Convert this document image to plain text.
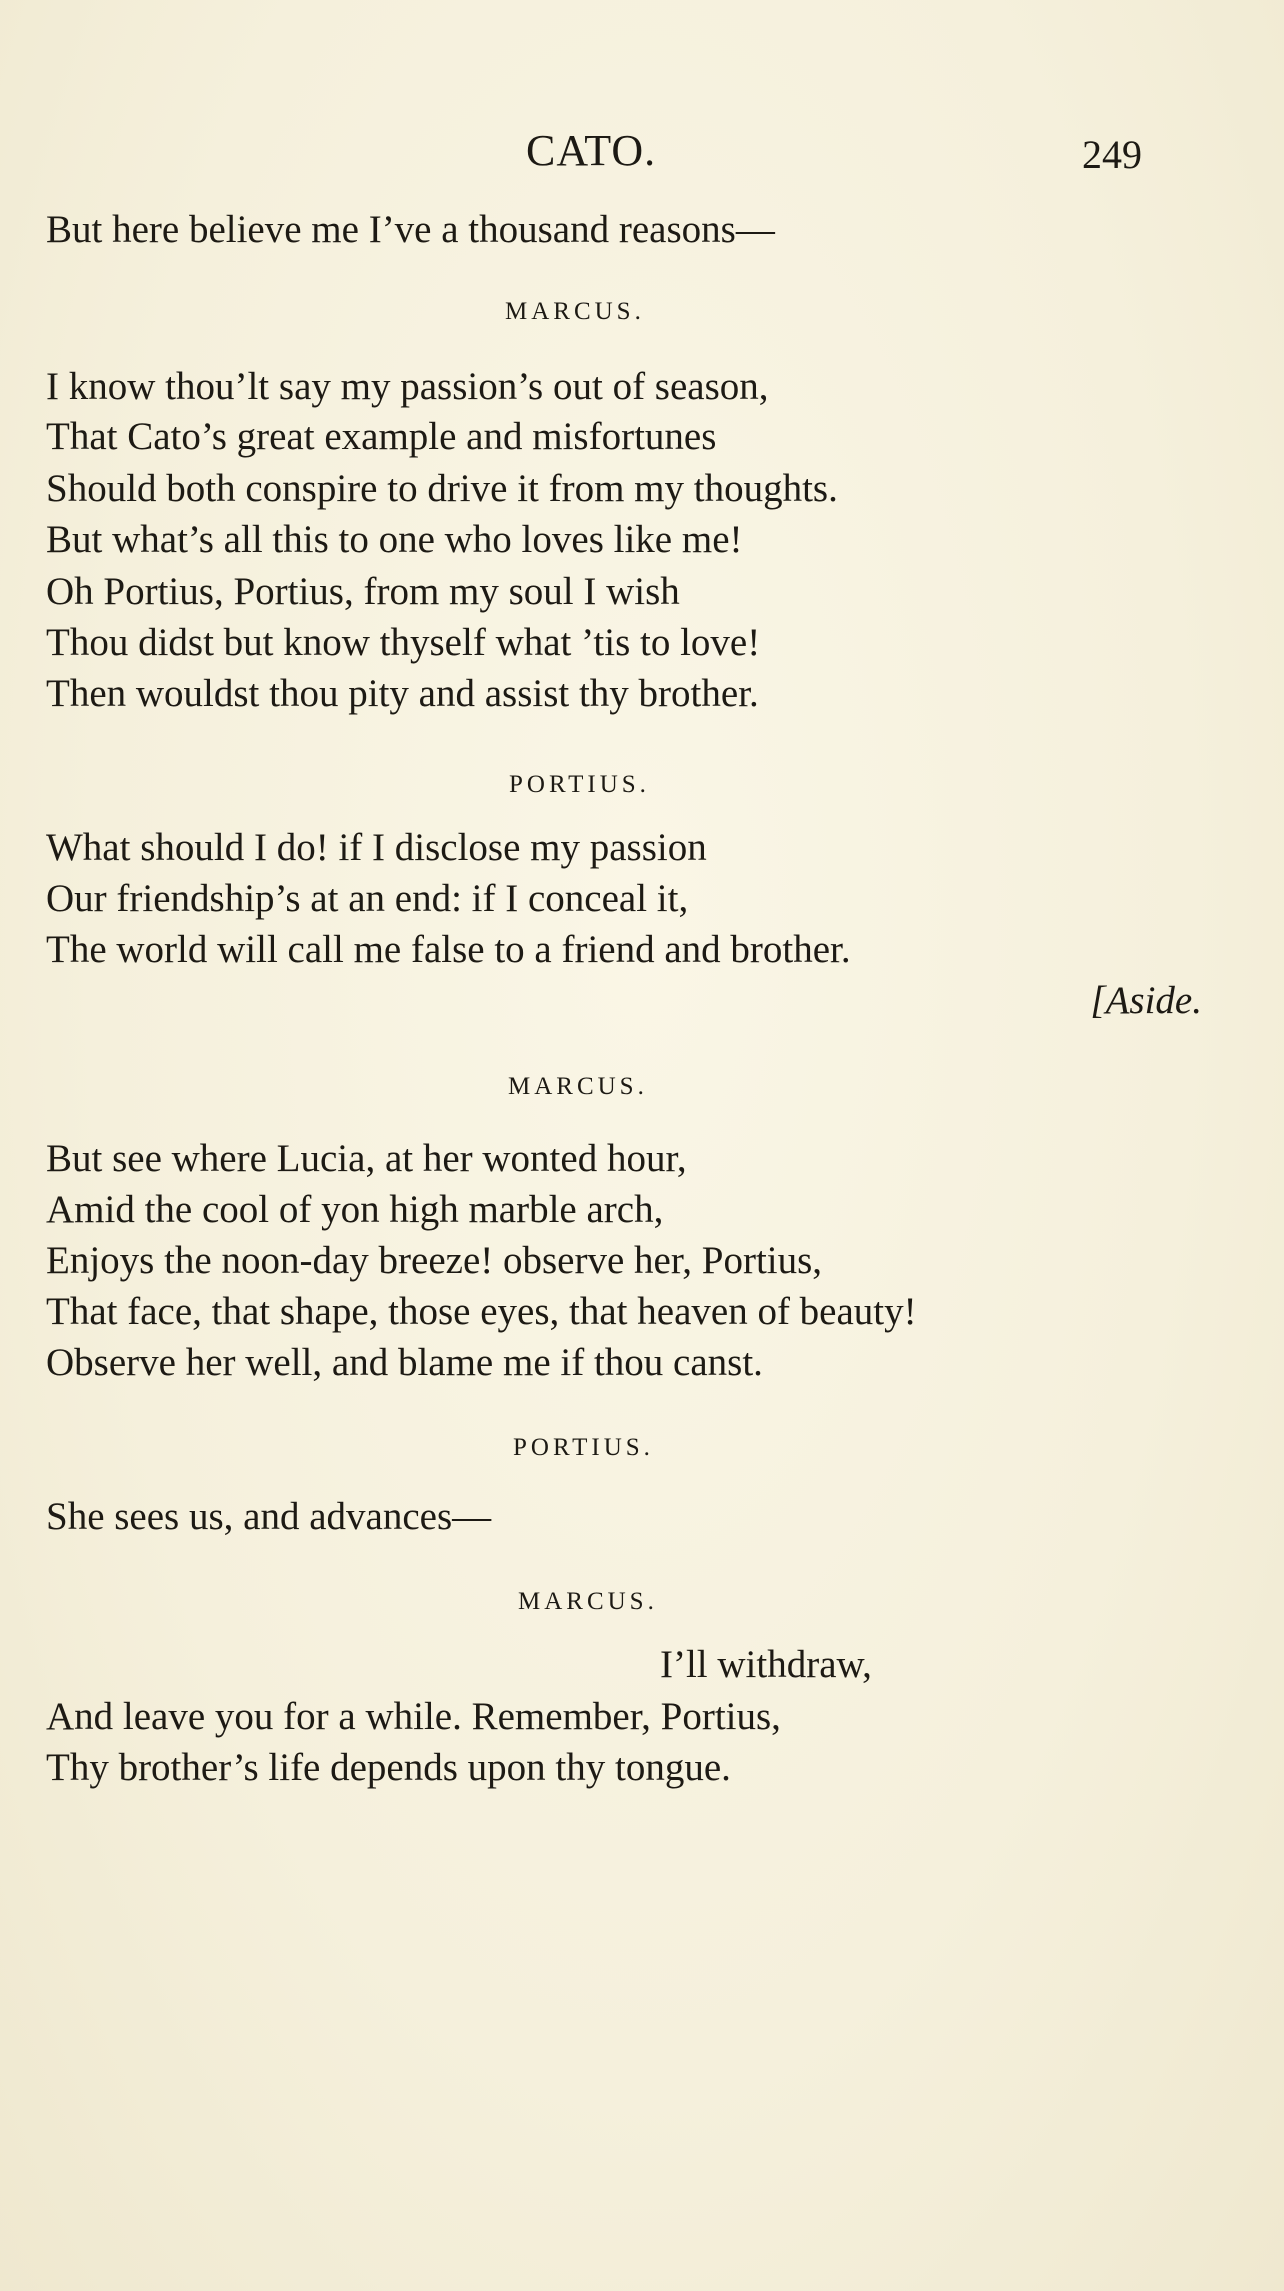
CATO.	249
But here believe me I’ve a thousand reasons—
MARCUS.
I know thou’lt say my passion’s out of season,
That Cato’s great example and misfortunes
Should both conspire to drive it from my thoughts.
But what’s all this to one who loves like me!
Oh Portius, Portius, from my soul I wish
Thou didst but know thyself what ’tis to love!
Then wouldst thou pity and assist thy brother.
PORTIUS.
What should I do! if I disclose my passion
Our friendship’s at an end: if I conceal it,
The world will call me false to a friend and brother.
[Aside.
MARCUS.
But see where Lucia, at her wonted hour,
Amid the cool of yon high marble arch,
Enjoys the noon-day breeze! observe her, Portius,
That face, that shape, those eyes, that heaven of beauty!
Observe her well, and blame me if thou canst.
PORTIUS.
She sees us, and advances—
MARCUS.
I’ll withdraw,
And leave you for a while. Remember, Portius,
Thy brother’s life depends upon thy tongue.
